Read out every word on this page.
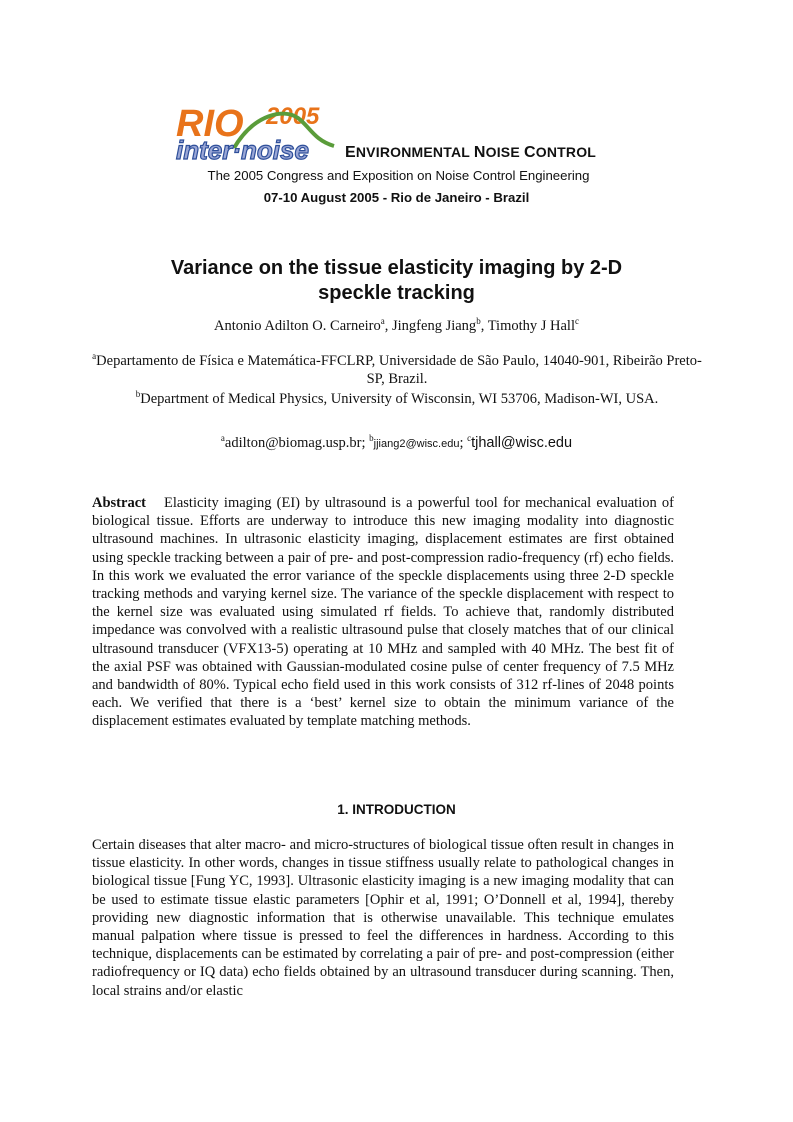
RIO 2005
inter·noise ENVIRONMENTAL NOISE CONTROL
The 2005 Congress and Exposition on Noise Control Engineering
07-10 August 2005 - Rio de Janeiro - Brazil
Variance on the tissue elasticity imaging by 2-D
speckle tracking
Antonio Adilton O. Carneiro$^a$, Jingfeng Jiang$^b$, Timothy J Hall$^c$
$^a$Departamento de Física e Matemática-FFCLRP, Universidade de São Paulo, 14040-901, Ribeirão Preto-SP, Brazil.
$^b$Department of Medical Physics, University of Wisconsin, WI 53706, Madison-WI, USA.
$^a$adilton@biomag.usp.br; $^b$jjiang2@wisc.edu; $^c$tjhall@wisc.edu
Abstract Elasticity imaging (EI) by ultrasound is a powerful tool for mechanical evaluation of biological tissue. Efforts are underway to introduce this new imaging modality into diagnostic ultrasound machines. In ultrasonic elasticity imaging, displacement estimates are first obtained using speckle tracking between a pair of pre- and post-compression radio-frequency (rf) echo fields. In this work we evaluated the error variance of the speckle displacements using three 2-D speckle tracking methods and varying kernel size. The variance of the speckle displacement with respect to the kernel size was evaluated using simulated rf fields. To achieve that, randomly distributed impedance was convolved with a realistic ultrasound pulse that closely matches that of our clinical ultrasound transducer (VFX13-5) operating at 10 MHz and sampled with 40 MHz. The best fit of the axial PSF was obtained with Gaussian-modulated cosine pulse of center frequency of 7.5 MHz and bandwidth of 80%. Typical echo field used in this work consists of 312 rf-lines of 2048 points each. We verified that there is a ‘best’ kernel size to obtain the minimum variance of the displacement estimates evaluated by template matching methods.
1. INTRODUCTION
Certain diseases that alter macro- and micro-structures of biological tissue often result in changes in tissue elasticity. In other words, changes in tissue stiffness usually relate to pathological changes in biological tissue [Fung YC, 1993]. Ultrasonic elasticity imaging is a new imaging modality that can be used to estimate tissue elastic parameters [Ophir et al, 1991; O’Donnell et al, 1994], thereby providing new diagnostic information that is otherwise unavailable. This technique emulates manual palpation where tissue is pressed to feel the differences in hardness. According to this technique, displacements can be estimated by correlating a pair of pre- and post-compression (either radiofrequency or IQ data) echo fields obtained by an ultrasound transducer during scanning. Then, local strains and/or elastic
